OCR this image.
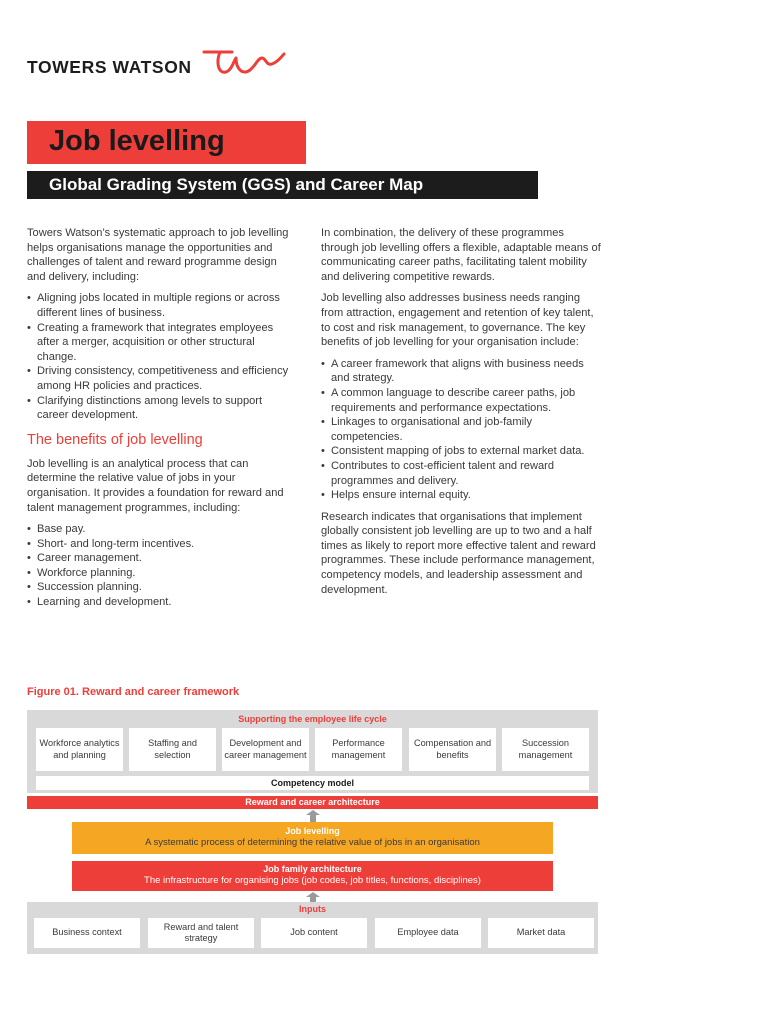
TOWERS WATSON
Job levelling
Global Grading System (GGS) and Career Map

Towers Watson’s systematic approach to job levelling helps organisations manage the opportunities and challenges of talent and reward programme design and delivery, including:

• Aligning jobs located in multiple regions or across different lines of business.
• Creating a framework that integrates employees after a merger, acquisition or other structural change.
• Driving consistency, competitiveness and efficiency among HR policies and practices.
• Clarifying distinctions among levels to support career development.
The benefits of job levelling

Job levelling is an analytical process that can determine the relative value of jobs in your organisation. It provides a foundation for reward and talent management programmes, including:

• Base pay.
• Short- and long-term incentives.
• Career management.
• Workforce planning.
• Succession planning.
• Learning and development.

In combination, the delivery of these programmes through job levelling offers a flexible, adaptable means of communicating career paths, facilitating talent mobility and delivering competitive rewards.

Job levelling also addresses business needs ranging from attraction, engagement and retention of key talent, to cost and risk management, to governance. The key benefits of job levelling for your organisation include:

• A career framework that aligns with business needs and strategy.
• A common language to describe career paths, job requirements and performance expectations.
• Linkages to organisational and job-family competencies.
• Consistent mapping of jobs to external market data.
• Contributes to cost-efficient talent and reward programmes and delivery.
• Helps ensure internal equity.

Research indicates that organisations that implement globally consistent job levelling are up to two and a half times as likely to report more effective talent and reward programmes. These include performance management, competency models, and leadership assessment and development.

Figure 01. Reward and career framework
Supporting the employee life cycle
Workforce analytics and planning
Staffing and selection
Development and career management
Performance management
Compensation and benefits
Succession management
Competency model
Reward and career architecture
Job levelling
A systematic process of determining the relative value of jobs in an organisation
Job family architecture
The infrastructure for organising jobs (job codes, job titles, functions, disciplines)
Inputs
Business context
Reward and talent strategy
Job content	Employee data	Market data
